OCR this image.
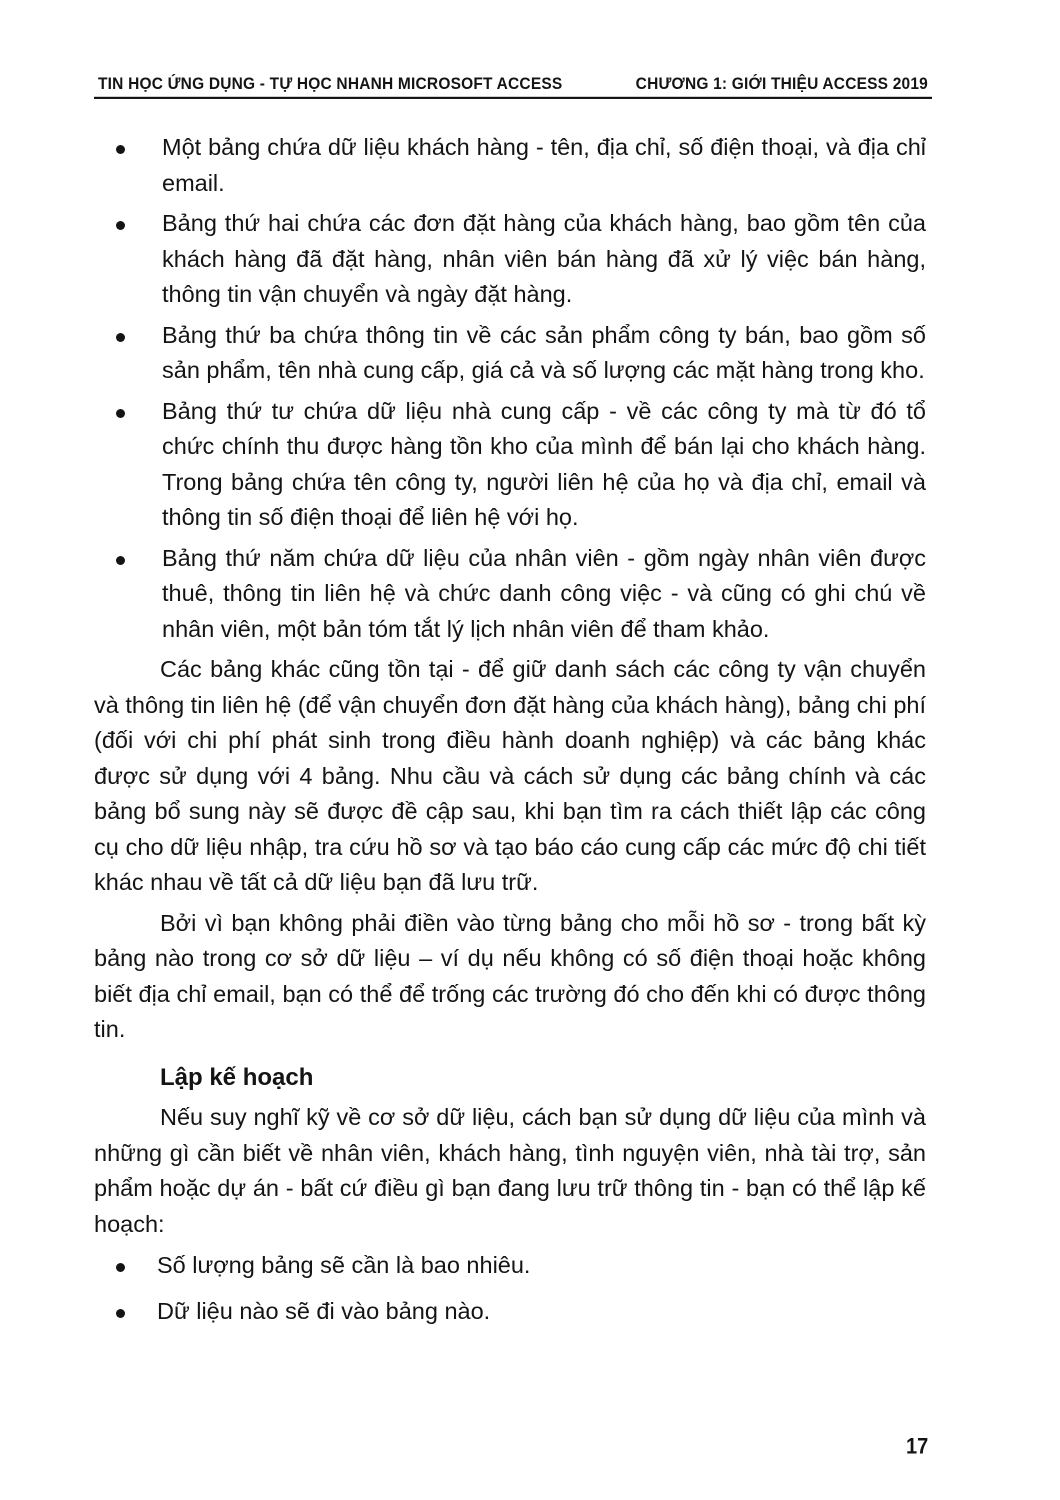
TIN HỌC ỨNG DỤNG - TỰ HỌC NHANH MICROSOFT ACCESS	CHƯƠNG 1: GIỚI THIỆU ACCESS 2019
Một bảng chứa dữ liệu khách hàng - tên, địa chỉ, số điện thoại, và địa chỉ email.
Bảng thứ hai chứa các đơn đặt hàng của khách hàng, bao gồm tên của khách hàng đã đặt hàng, nhân viên bán hàng đã xử lý việc bán hàng, thông tin vận chuyển và ngày đặt hàng.
Bảng thứ ba chứa thông tin về các sản phẩm công ty bán, bao gồm số sản phẩm, tên nhà cung cấp, giá cả và số lượng các mặt hàng trong kho.
Bảng thứ tư chứa dữ liệu nhà cung cấp - về các công ty mà từ đó tổ chức chính thu được hàng tồn kho của mình để bán lại cho khách hàng. Trong bảng chứa tên công ty, người liên hệ của họ và địa chỉ, email và thông tin số điện thoại để liên hệ với họ.
Bảng thứ năm chứa dữ liệu của nhân viên - gồm ngày nhân viên được thuê, thông tin liên hệ và chức danh công việc - và cũng có ghi chú về nhân viên, một bản tóm tắt lý lịch nhân viên để tham khảo.

Các bảng khác cũng tồn tại - để giữ danh sách các công ty vận chuyển và thông tin liên hệ (để vận chuyển đơn đặt hàng của khách hàng), bảng chi phí (đối với chi phí phát sinh trong điều hành doanh nghiệp) và các bảng khác được sử dụng với 4 bảng. Nhu cầu và cách sử dụng các bảng chính và các bảng bổ sung này sẽ được đề cập sau, khi bạn tìm ra cách thiết lập các công cụ cho dữ liệu nhập, tra cứu hồ sơ và tạo báo cáo cung cấp các mức độ chi tiết khác nhau về tất cả dữ liệu bạn đã lưu trữ.

Bởi vì bạn không phải điền vào từng bảng cho mỗi hồ sơ - trong bất kỳ bảng nào trong cơ sở dữ liệu – ví dụ nếu không có số điện thoại hoặc không biết địa chỉ email, bạn có thể để trống các trường đó cho đến khi có được thông tin.

Lập kế hoạch

Nếu suy nghĩ kỹ về cơ sở dữ liệu, cách bạn sử dụng dữ liệu của mình và những gì cần biết về nhân viên, khách hàng, tình nguyện viên, nhà tài trợ, sản phẩm hoặc dự án - bất cứ điều gì bạn đang lưu trữ thông tin - bạn có thể lập kế hoạch:

Số lượng bảng sẽ cần là bao nhiêu.
Dữ liệu nào sẽ đi vào bảng nào.
17
